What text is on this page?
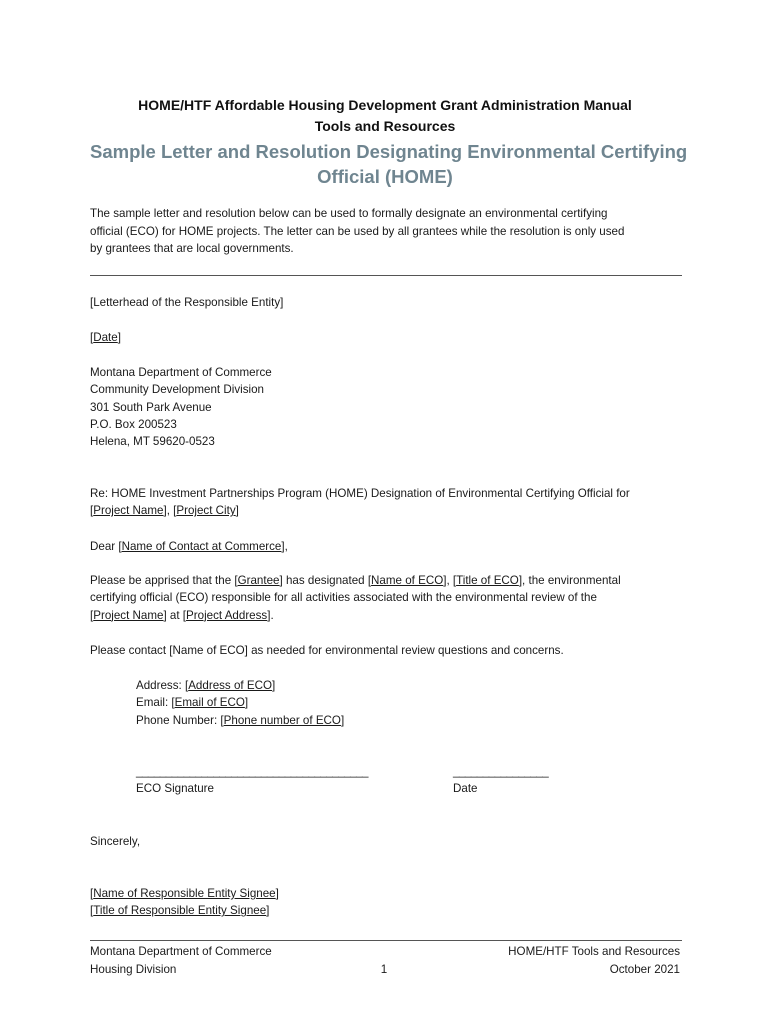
HOME/HTF Affordable Housing Development Grant Administration Manual
Tools and Resources
Sample Letter and Resolution Designating Environmental Certifying
Official (HOME)
The sample letter and resolution below can be used to formally designate an environmental certifying
official (ECO) for HOME projects. The letter can be used by all grantees while the resolution is only used
by grantees that are local governments.
[Letterhead of the Responsible Entity]
[Date]
Montana Department of Commerce
Community Development Division
301 South Park Avenue
P.O. Box 200523
Helena, MT 59620-0523
Re: HOME Investment Partnerships Program (HOME) Designation of Environmental Certifying Official for
[Project Name], [Project City]
Dear [Name of Contact at Commerce],
Please be apprised that the [Grantee] has designated [Name of ECO], [Title of ECO], the environmental
certifying official (ECO) responsible for all activities associated with the environmental review of the
[Project Name] at [Project Address].
Please contact [Name of ECO] as needed for environmental review questions and concerns.
Address: [Address of ECO]
Email: [Email of ECO]
Phone Number: [Phone number of ECO]
_______________________________________
ECO Signature
________________
Date
Sincerely,
[Name of Responsible Entity Signee]
[Title of Responsible Entity Signee]
Montana Department of Commerce
Housing Division	1
HOME/HTF Tools and Resources
October 2021
